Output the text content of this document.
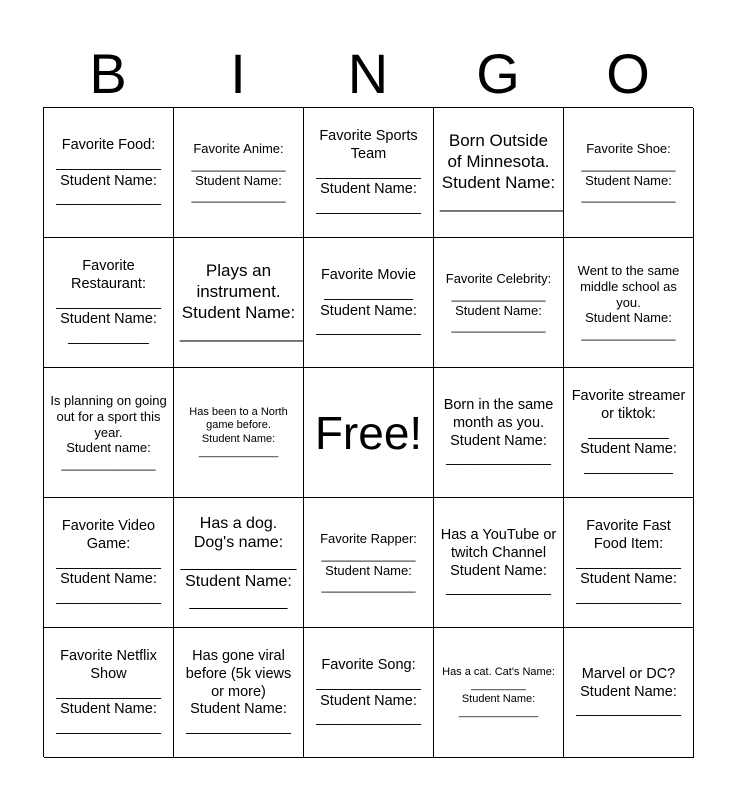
B	I	N	G	O
Favorite Food:
_____________
Student Name:
_____________
Favorite Anime:
_____________
Student Name:
_____________
Favorite Sports Team
_____________
Student Name:
_____________
Born Outside of Minnesota.
Student Name:
_____________
Favorite Shoe:
_____________
Student Name:
_____________
Favorite Restaurant:
_____________
Student Name:
__________
Plays an instrument.
Student Name:
_____________
Favorite Movie
___________
Student Name:
_____________
Favorite Celebrity:
_____________
Student Name:
_____________
Went to the same middle school as you.
Student Name:
_____________
Is planning on going out for a sport this year.
Student name:
_____________
Has been to a North game before.
Student Name:
_____________ Free!
Born in the same month as you.
Student Name:
_____________
Favorite streamer or tiktok:
__________
Student Name:
___________
Favorite Video Game:
_____________
Student Name:
_____________
Has a dog. Dog's name:
_____________
Student Name:
___________
Favorite Rapper:
_____________
Student Name:
_____________
Has a YouTube or twitch Channel
Student Name:
_____________
Favorite Fast Food Item:
_____________
Student Name:
_____________
Favorite Netflix Show
_____________
Student Name:
_____________
Has gone viral before (5k views or more)
Student Name:
_____________
Favorite Song:
_____________
Student Name:
_____________
Has a cat. Cat's Name:
_________
Student Name:
_____________
Marvel or DC?
Student Name:
_____________
